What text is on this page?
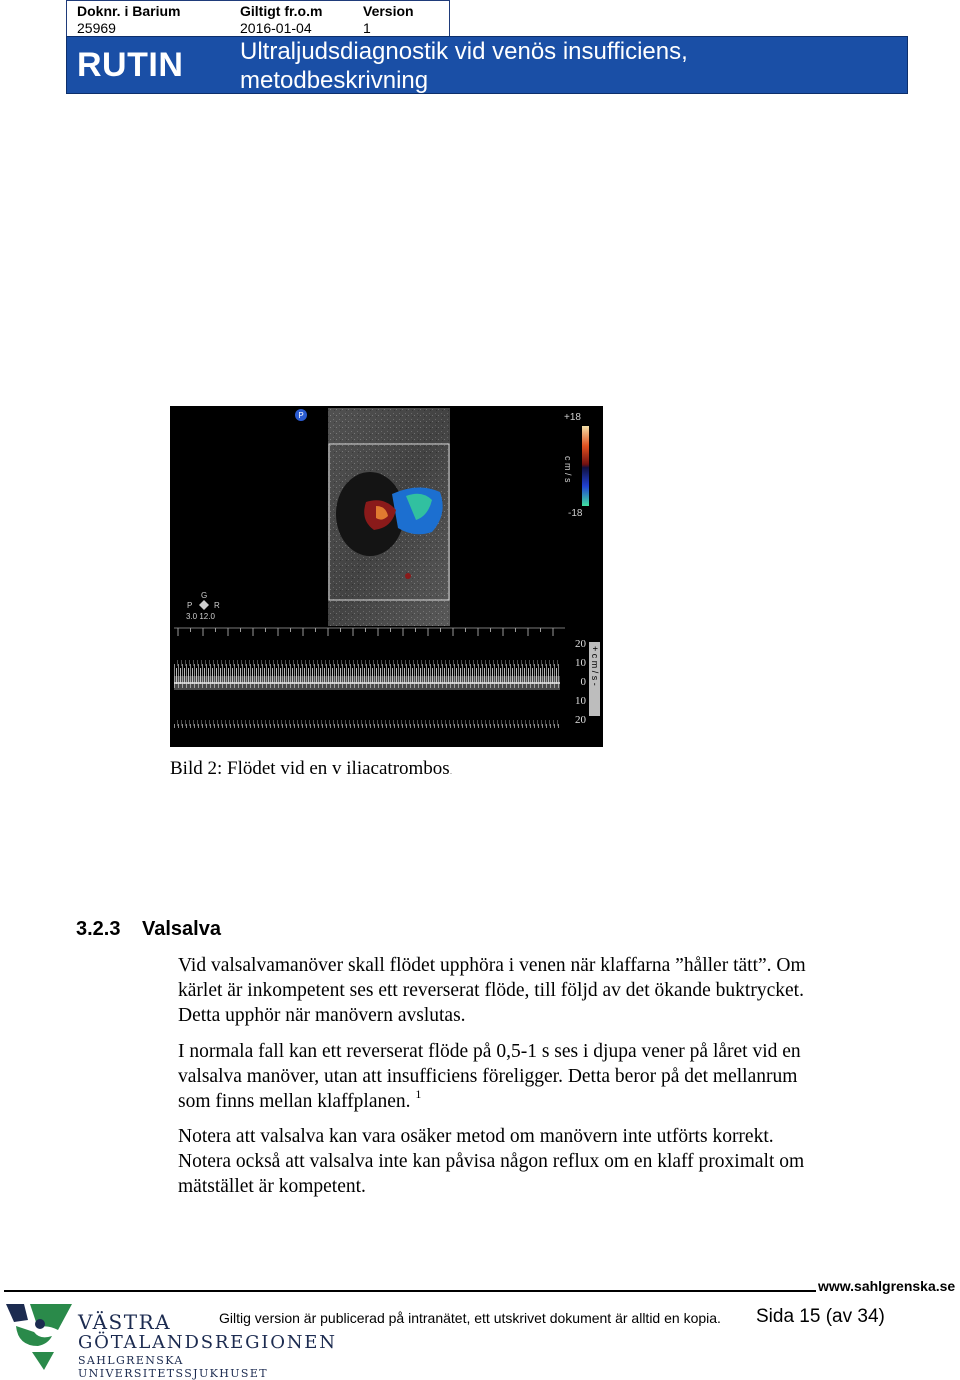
Doknr. i Barium
25969
Giltigt fr.o.m
2016-01-04
Version
1
RUTIN Ultraljudsdiagnostik vid venös insufficiens,
metodbeskrivning
P	+18
c m / s
-18
G
P	R
3.0 12.0
20
10
0
10
20
+ c m / s -
Bild 2: Flödet vid en v iliacatrombos.
3.2.3 Valsalva
Vid valsalvamanöver skall flödet upphöra i venen när klaffarna ”håller tätt”. Om
kärlet är inkompetent ses ett reverserat flöde, till följd av det ökande buktrycket.
Detta upphör när manövern avslutas.
I normala fall kan ett reverserat flöde på 0,5-1 s ses i djupa vener på låret vid en
valsalva manöver, utan att insufficiens föreligger. Detta beror på det mellanrum
som finns mellan klaffplanen. $^1$
Notera att valsalva kan vara osäker metod om manövern inte utförts korrekt.
Notera också att valsalva inte kan påvisa någon reflux om en klaff proximalt om
mätstället är kompetent.
www.sahlgrenska.se
VÄSTRA
GÖTALANDSREGIONEN
SAHLGRENSKA UNIVERSITETSSJUKHUSET
Giltig version är publicerad på intranätet, ett utskrivet dokument är alltid en kopia. Sida 15 (av 34)
